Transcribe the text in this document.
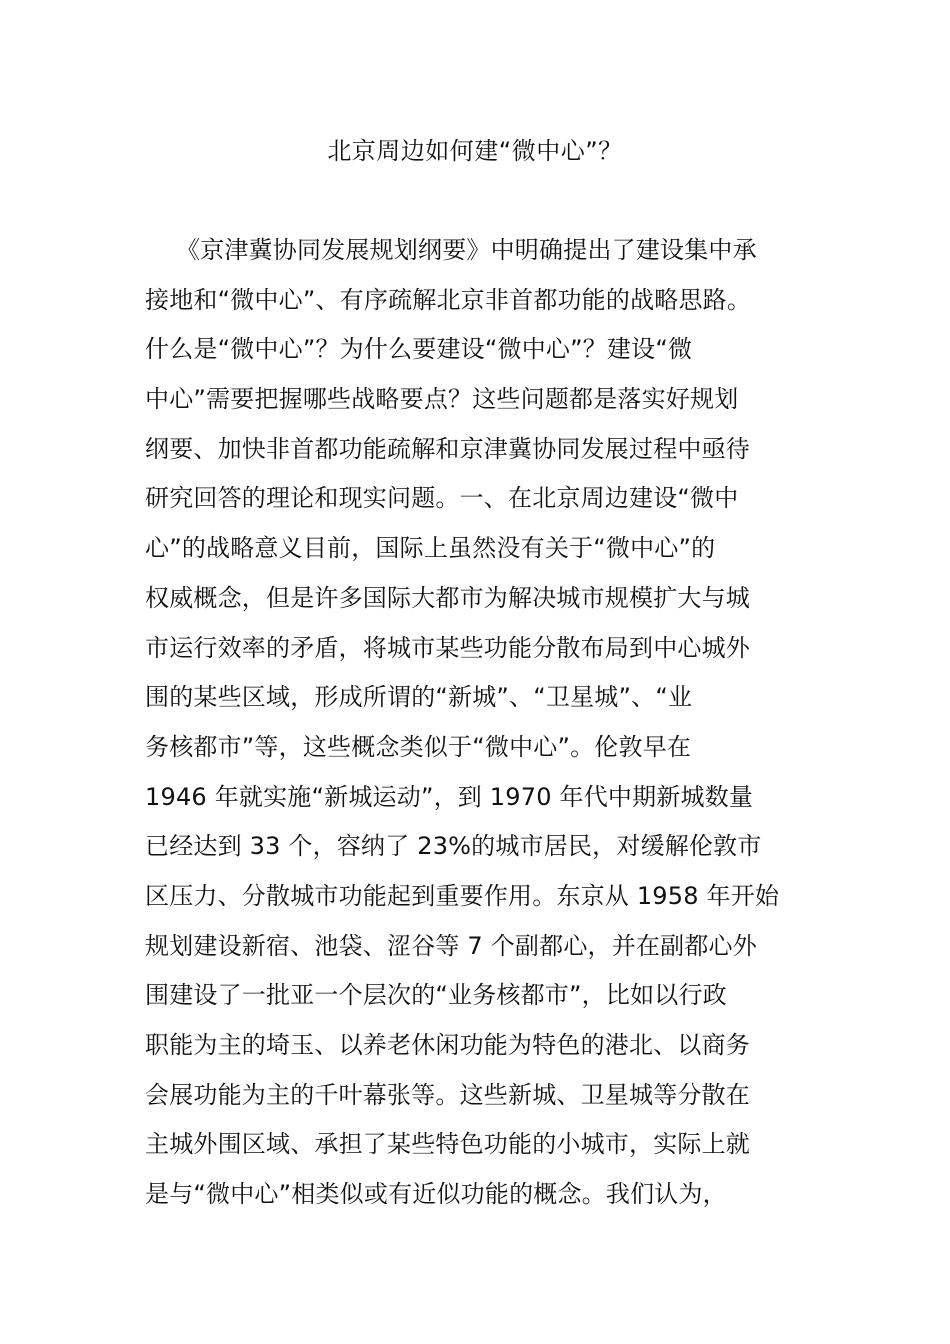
北京周边如何建“微中心”？
《京津冀协同发展规划纲要》中明确提出了建设集中承
接地和“微中心”、有序疏解北京非首都功能的战略思路。
什么是“微中心”？为什么要建设“微中心”？建设“微
中心”需要把握哪些战略要点？这些问题都是落实好规划
纲要、加快非首都功能疏解和京津冀协同发展过程中亟待
研究回答的理论和现实问题。一、在北京周边建设“微中
心”的战略意义目前，国际上虽然没有关于“微中心”的
权威概念，但是许多国际大都市为解决城市规模扩大与城
市运行效率的矛盾，将城市某些功能分散布局到中心城外
围的某些区域，形成所谓的“新城”、“卫星城”、“业
务核都市”等，这些概念类似于“微中心”。伦敦早在
1946 年就实施“新城运动”，到 1970 年代中期新城数量
已经达到 33 个，容纳了 23%的城市居民，对缓解伦敦市
区压力、分散城市功能起到重要作用。东京从 1958 年开始
规划建设新宿、池袋、涩谷等 7 个副都心，并在副都心外
围建设了一批亚一个层次的“业务核都市”，比如以行政
职能为主的埼玉、以养老休闲功能为特色的港北、以商务
会展功能为主的千叶幕张等。这些新城、卫星城等分散在
主城外围区域、承担了某些特色功能的小城市，实际上就
是与“微中心”相类似或有近似功能的概念。我们认为，
